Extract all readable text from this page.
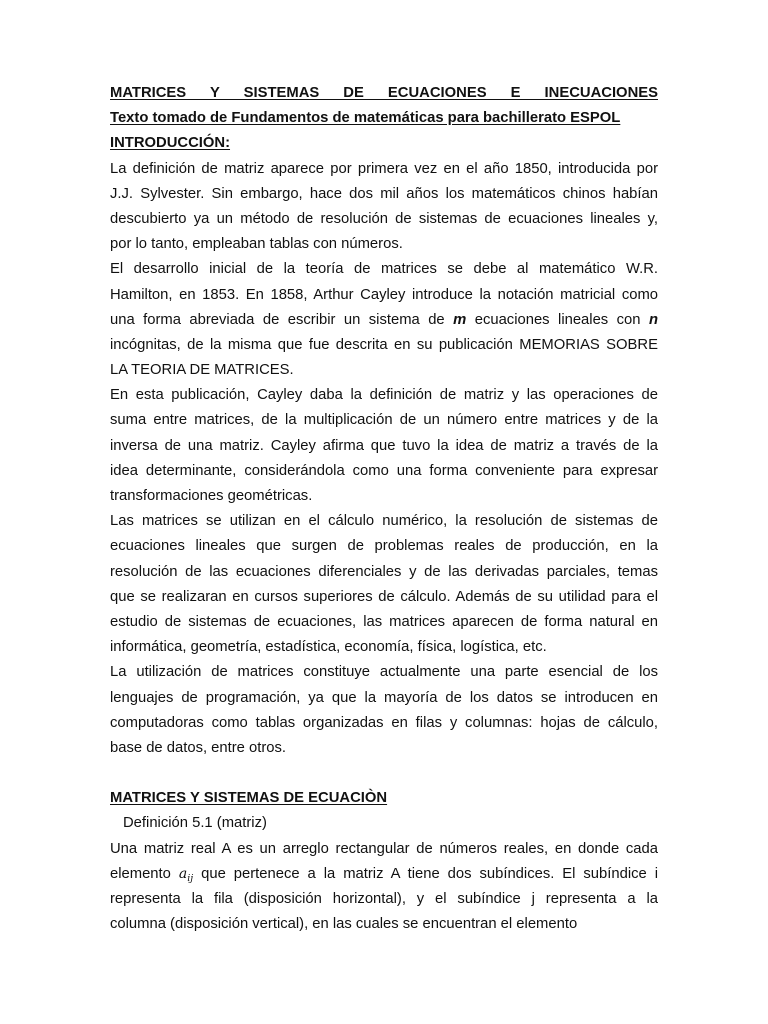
MATRICES Y SISTEMAS DE ECUACIONES E INECUACIONES
Texto tomado de Fundamentos de matemáticas para bachillerato ESPOL
INTRODUCCIÓN:
La definición de matriz aparece por primera vez en el año 1850, introducida por
J.J. Sylvester. Sin embargo, hace dos mil años los matemáticos chinos habían
descubierto ya un método de resolución de sistemas de ecuaciones lineales y,
por lo tanto, empleaban tablas con números.
El desarrollo inicial de la teoría de matrices se debe al matemático W.R.
Hamilton, en 1853. En 1858, Arthur Cayley introduce la notación matricial como
una forma abreviada de escribir un sistema de m ecuaciones lineales con n
incógnitas, de la misma que fue descrita en su publicación MEMORIAS SOBRE
LA TEORIA DE MATRICES.
En esta publicación, Cayley daba la definición de matriz y las operaciones de
suma entre matrices, de la multiplicación de un número entre matrices y de la
inversa de una matriz. Cayley afirma que tuvo la idea de matriz a través de la
idea determinante, considerándola como una forma conveniente para expresar
transformaciones geométricas.
Las matrices se utilizan en el cálculo numérico, la resolución de sistemas de
ecuaciones lineales que surgen de problemas reales de producción, en la
resolución de las ecuaciones diferenciales y de las derivadas parciales, temas
que se realizaran en cursos superiores de cálculo. Además de su utilidad para el
estudio de sistemas de ecuaciones, las matrices aparecen de forma natural en
informática, geometría, estadística, economía, física, logística, etc.
La utilización de matrices constituye actualmente una parte esencial de los
lenguajes de programación, ya que la mayoría de los datos se introducen en
computadoras como tablas organizadas en filas y columnas: hojas de cálculo,
base de datos, entre otros.
MATRICES Y SISTEMAS DE ECUACIÒN
Definición 5.1 (matriz)
Una matriz real A es un arreglo rectangular de números reales, en donde cada
elemento $a_{ij}$ que pertenece a la matriz A tiene dos subíndices. El subíndice i
representa la fila (disposición horizontal), y el subíndice j representa a la
columna (disposición vertical), en las cuales se encuentran el elemento
